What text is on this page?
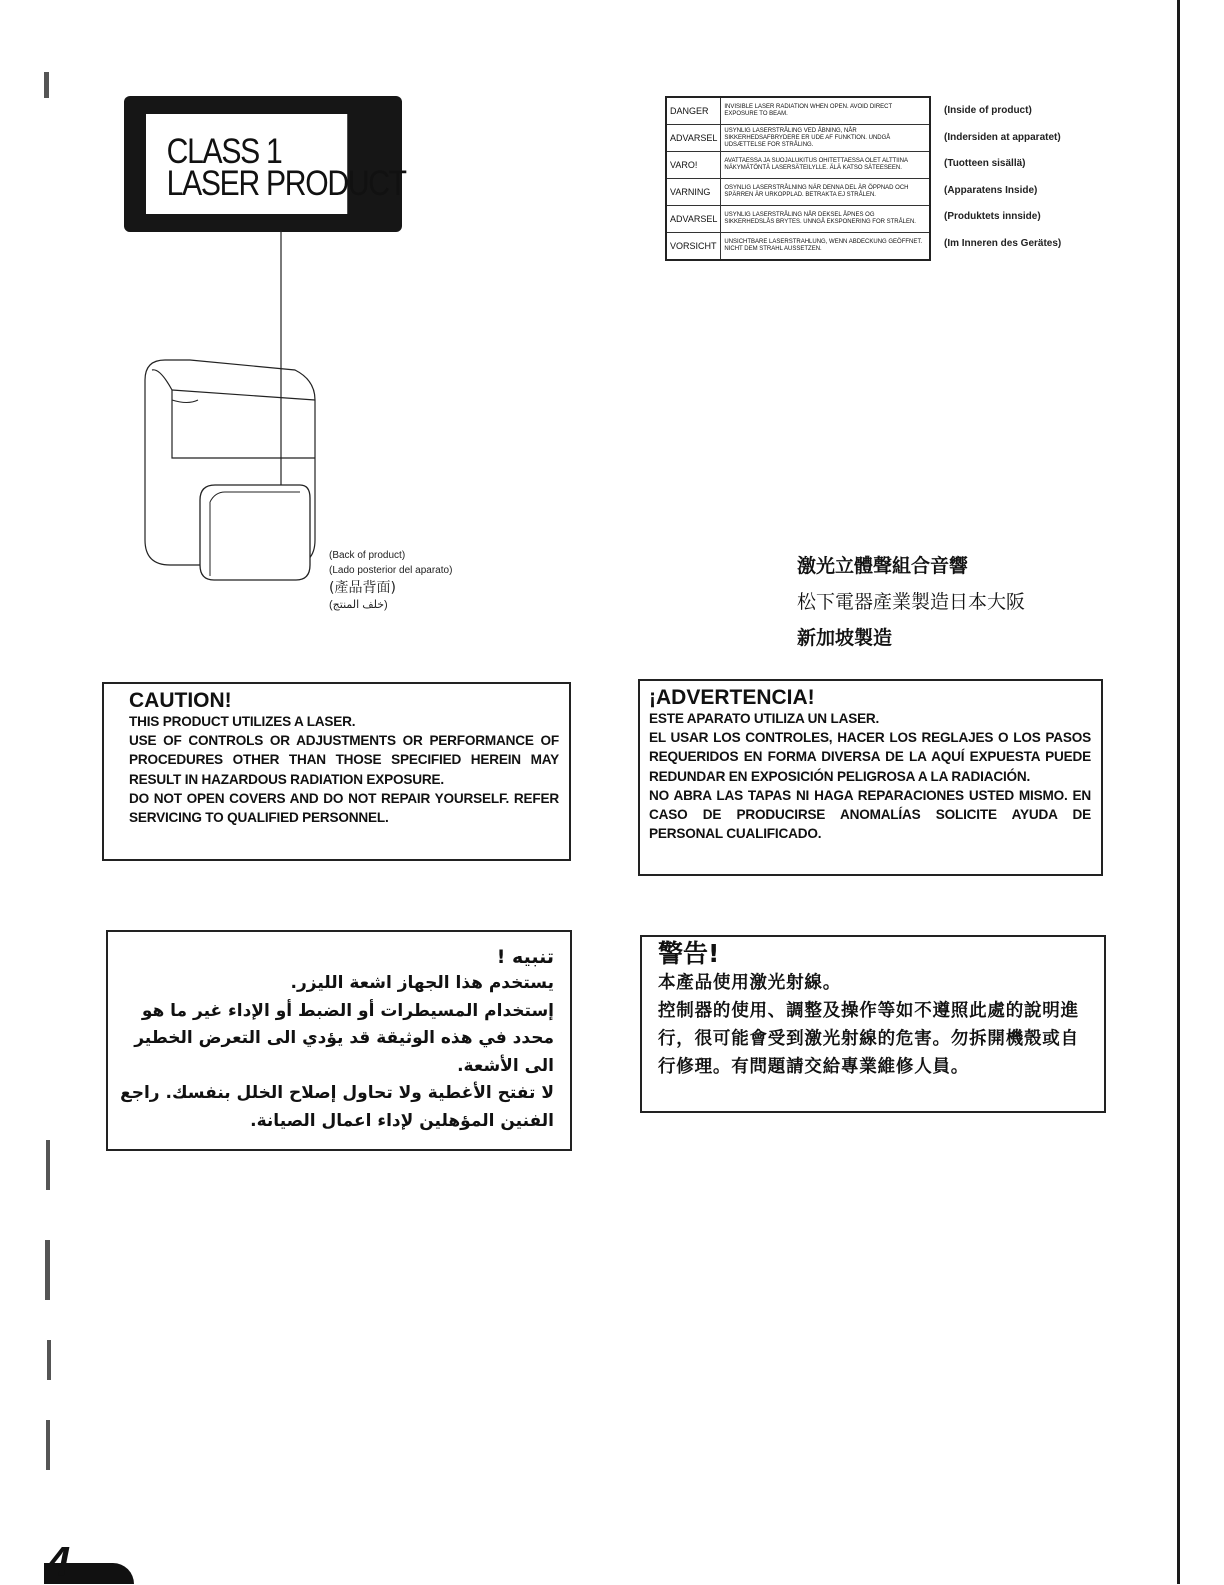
CLASS 1
LASER PRODUCT
(Back of product)
(Lado posterior del aparato)
(產品背面)
(خلف المنتج)
DANGER	INVISIBLE LASER RADIATION WHEN OPEN. AVOID DIRECT EXPOSURE TO BEAM.
ADVARSEL	USYNLIG LASERSTRÅLING VED ÅBNING, NÅR SIKKERHEDSAFBRYDERE ER UDE AF FUNKTION. UNDGÅ UDSÆTTELSE FOR STRÅLING.
VARO!	AVATTAESSA JA SUOJALUKITUS OHITETTAESSA OLET ALTTIINA NÄKYMÄTÖNTÄ LASERSÄTEILYLLE. ÄLÄ KATSO SÄTEESEEN.
VARNING	OSYNLIG LASERSTRÅLNING NÄR DENNA DEL ÄR ÖPPNAD OCH SPÄRREN ÄR URKOPPLAD. BETRAKTA EJ STRÅLEN.
ADVARSEL	USYNLIG LASERSTRÅLING NÅR DEKSEL ÅPNES OG SIKKERHEDSLÅS BRYTES. UNNGÅ EKSPONERING FOR STRÅLEN.
VORSICHT	UNSICHTBARE LASERSTRAHLUNG, WENN ABDECKUNG GEÖFFNET. NICHT DEM STRAHL AUSSETZEN.
(Inside of product)
(Indersiden at apparatet)
(Tuotteen sisällä)
(Apparatens Inside)
(Produktets innside)
(Im Inneren des Gerätes)
激光立體聲組合音響
松下電器產業製造日本大阪
新加坡製造
CAUTION!
THIS PRODUCT UTILIZES A LASER.
USE OF CONTROLS OR ADJUSTMENTS OR PERFORMANCE OF PROCEDURES OTHER THAN THOSE SPECIFIED HEREIN MAY RESULT IN HAZARDOUS RADIATION EXPOSURE.
DO NOT OPEN COVERS AND DO NOT REPAIR YOURSELF. REFER SERVICING TO QUALIFIED PERSONNEL.
¡ADVERTENCIA!
ESTE APARATO UTILIZA UN LASER.
EL USAR LOS CONTROLES, HACER LOS REGLAJES O LOS PASOS REQUERIDOS EN FORMA DIVERSA DE LA AQUÍ EXPUESTA PUEDE REDUNDAR EN EXPOSICIÓN PELIGROSA A LA RADIACIÓN.
NO ABRA LAS TAPAS NI HAGA REPARACIONES USTED MISMO. EN CASO DE PRODUCIRSE ANOMALÍAS SOLICITE AYUDA DE PERSONAL CUALIFICADO.
تنبيه !
يستخدم هذا الجهاز اشعة الليزر.
إستخدام المسيطرات أو الضبط أو الإداء غير ما هو محدد في هذه الوثيقة قد يؤدي الى التعرض الخطير الى الأشعة.
لا تفتح الأغطية ولا تحاول إصلاح الخلل بنفسك. راجع الفنين المؤهلين لإداء اعمال الصيانة.
警告!
本產品使用激光射線。
控制器的使用、調整及操作等如不遵照此處的說明進行，很可能會受到激光射線的危害。勿拆開機殼或自行修理。有問題請交給專業維修人員。
4
